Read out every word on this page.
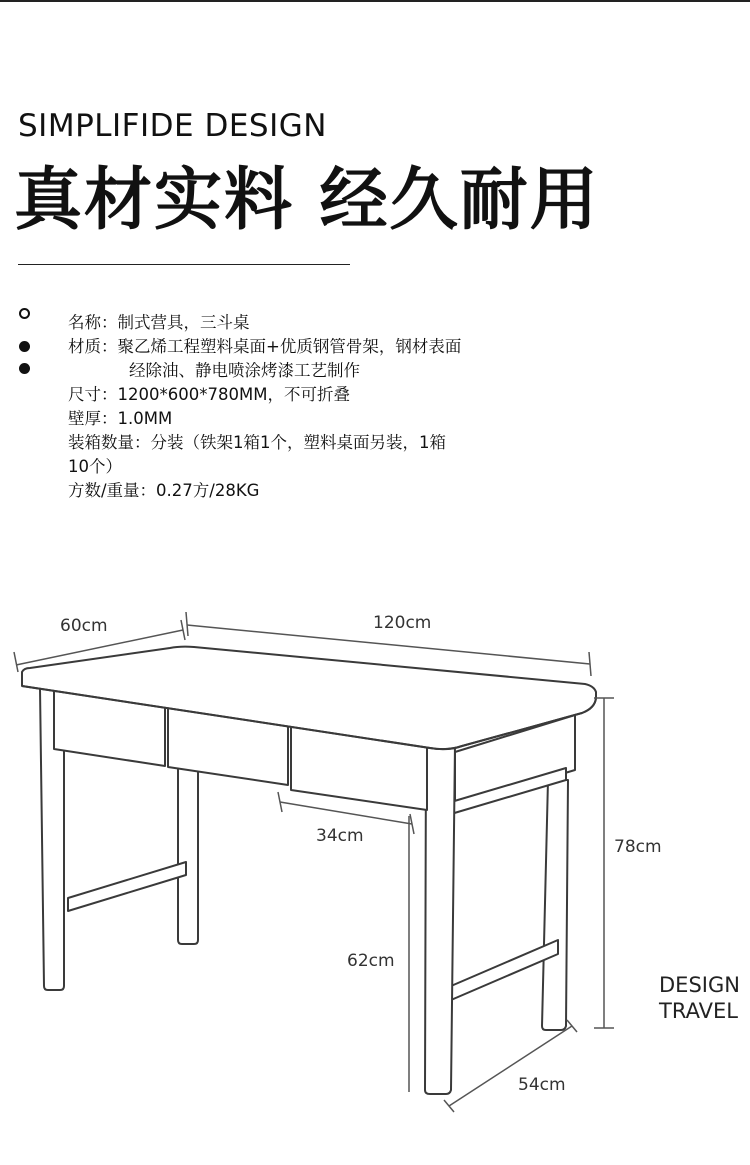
SIMPLIFIDE DESIGN
真材实料 经久耐用
名称：制式营具，三斗桌
材质：聚乙烯工程塑料桌面+优质钢管骨架，钢材表面
经除油、静电喷涂烤漆工艺制作
尺寸：1200*600*780MM，不可折叠
壁厚：1.0MM
装箱数量：分装（铁架1箱1个，塑料桌面另装，1箱
10个）
方数/重量：0.27方/28KG
60cm	120cm
34cm
78cm
62cm
54cm
DESIGN
TRAVEL
